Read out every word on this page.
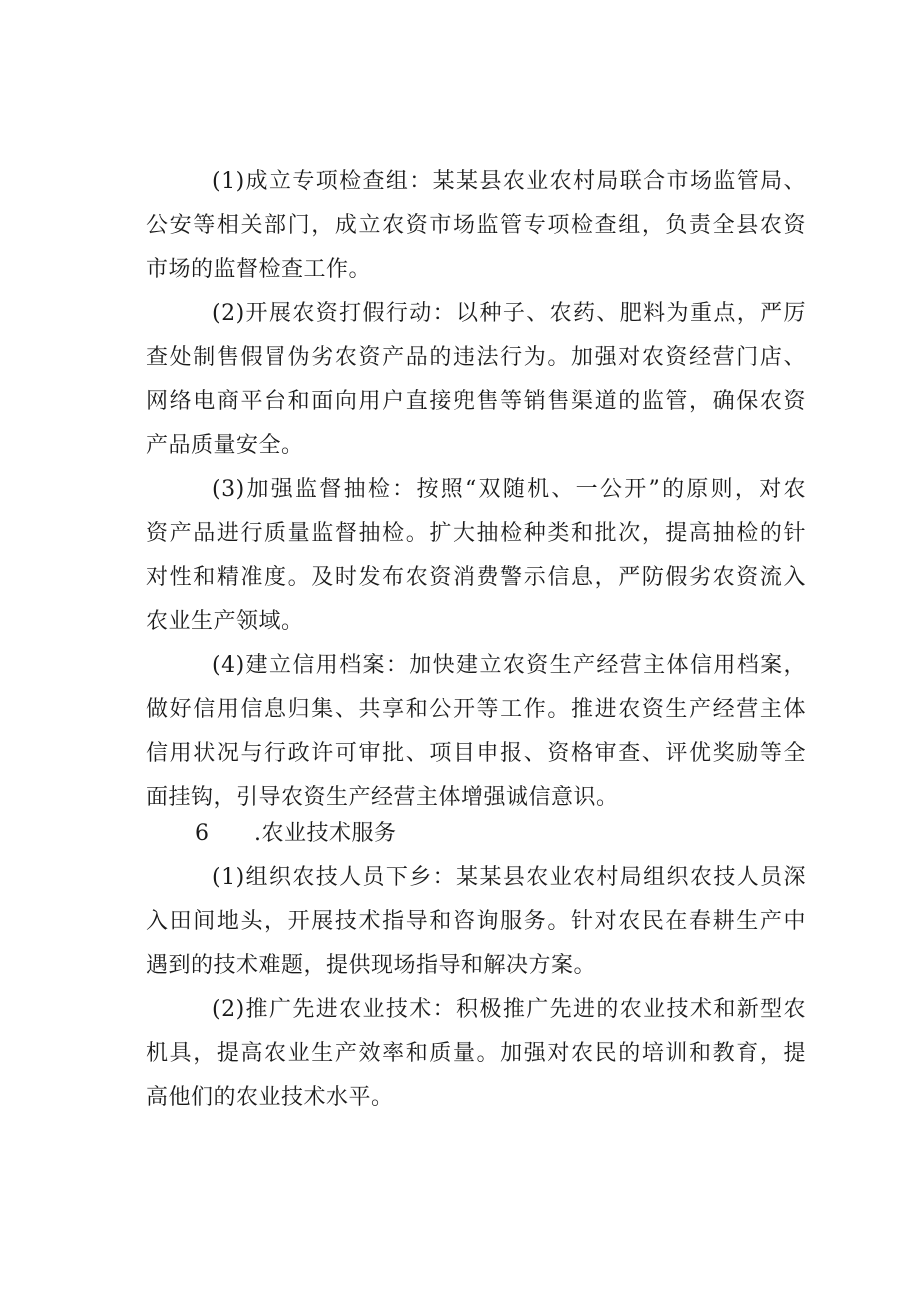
(1)成立专项检查组：某某县农业农村局联合市场监管局、
公安等相关部门，成立农资市场监管专项检查组，负责全县农资
市场的监督检查工作。
(2)开展农资打假行动：以种子、农药、肥料为重点，严厉
查处制售假冒伪劣农资产品的违法行为。加强对农资经营门店、
网络电商平台和面向用户直接兜售等销售渠道的监管，确保农资
产品质量安全。
(3)加强监督抽检：按照“双随机、一公开”的原则，对农
资产品进行质量监督抽检。扩大抽检种类和批次，提高抽检的针
对性和精准度。及时发布农资消费警示信息，严防假劣农资流入
农业生产领域。
(4)建立信用档案：加快建立农资生产经营主体信用档案，
做好信用信息归集、共享和公开等工作。推进农资生产经营主体
信用状况与行政许可审批、项目申报、资格审查、评优奖励等全
面挂钩，引导农资生产经营主体增强诚信意识。
6 .农业技术服务
(1)组织农技人员下乡：某某县农业农村局组织农技人员深
入田间地头，开展技术指导和咨询服务。针对农民在春耕生产中
遇到的技术难题，提供现场指导和解决方案。
(2)推广先进农业技术：积极推广先进的农业技术和新型农
机具，提高农业生产效率和质量。加强对农民的培训和教育，提
高他们的农业技术水平。
